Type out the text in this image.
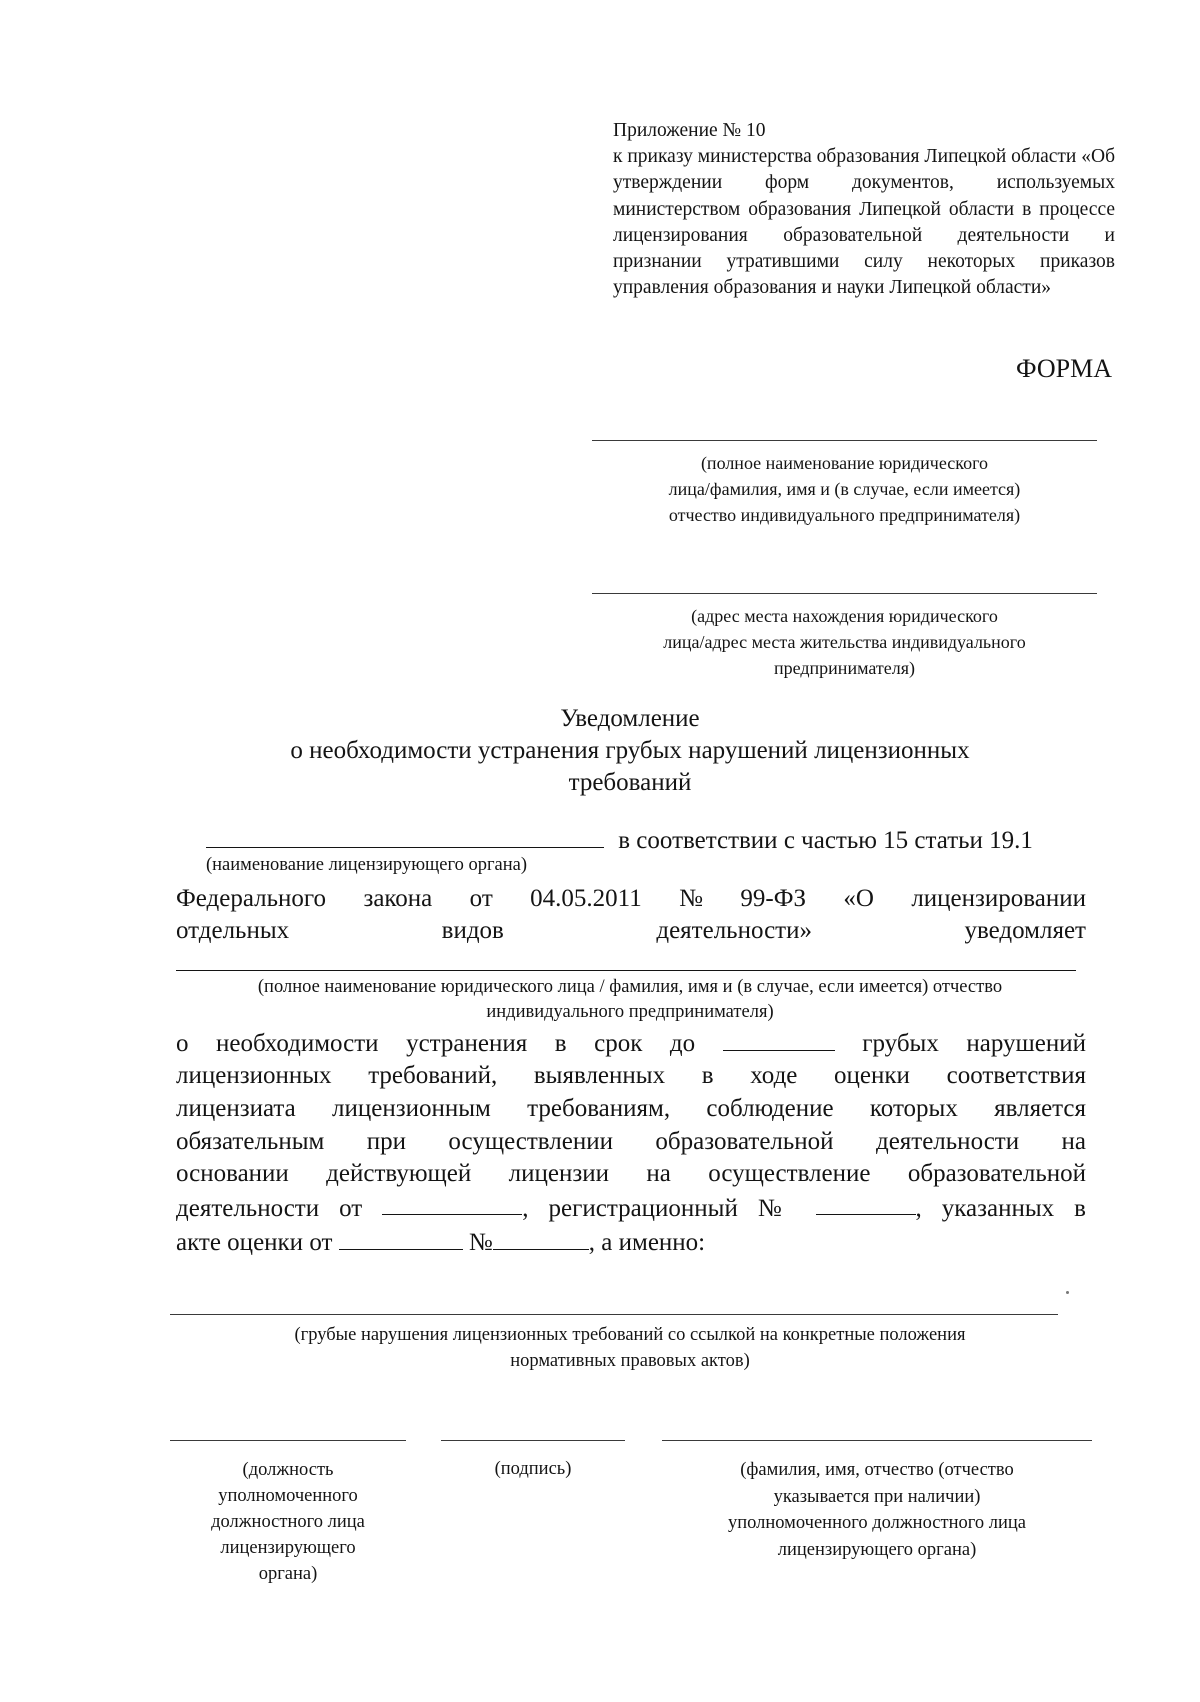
Приложение № 10
к приказу министерства образования Липецкой области «Об утверждении форм документов, используемых министерством образования Липецкой области в процессе лицензирования образовательной деятельности и признании утратившими силу некоторых приказов управления образования и науки Липецкой области»
ФОРМА
(полное наименование юридического
лица/фамилия, имя и (в случае, если имеется)
отчество индивидуального предпринимателя)
(адрес места нахождения юридического
лица/адрес места жительства индивидуального
предпринимателя)
Уведомление
о необходимости устранения грубых нарушений лицензионных
требований
в соответствии с частью 15 статьи 19.1
(наименование лицензирующего органа)
Федерального закона от 04.05.2011 № 99-ФЗ «О лицензировании
отдельных	видов	деятельности»	уведомляет
(полное наименование юридического лица / фамилия, имя и (в случае, если имеется) отчество
индивидуального предпринимателя)
о необходимости устранения в срок до	грубых нарушений
лицензионных требований, выявленных в ходе оценки соответствия
лицензиата лицензионным требованиям, соблюдение которых является
обязательным при осуществлении образовательной деятельности на
основании действующей лицензии на осуществление образовательной
деятельности от	, регистрационный №	, указанных в
акте оценки от	№	, а именно:
(грубые нарушения лицензионных требований со ссылкой на конкретные положения
нормативных правовых актов)
(должность
уполномоченного
должностного лица
лицензирующего
органа)
(подпись)	(фамилия, имя, отчество (отчество
указывается при наличии)
уполномоченного должностного лица
лицензирующего органа)
